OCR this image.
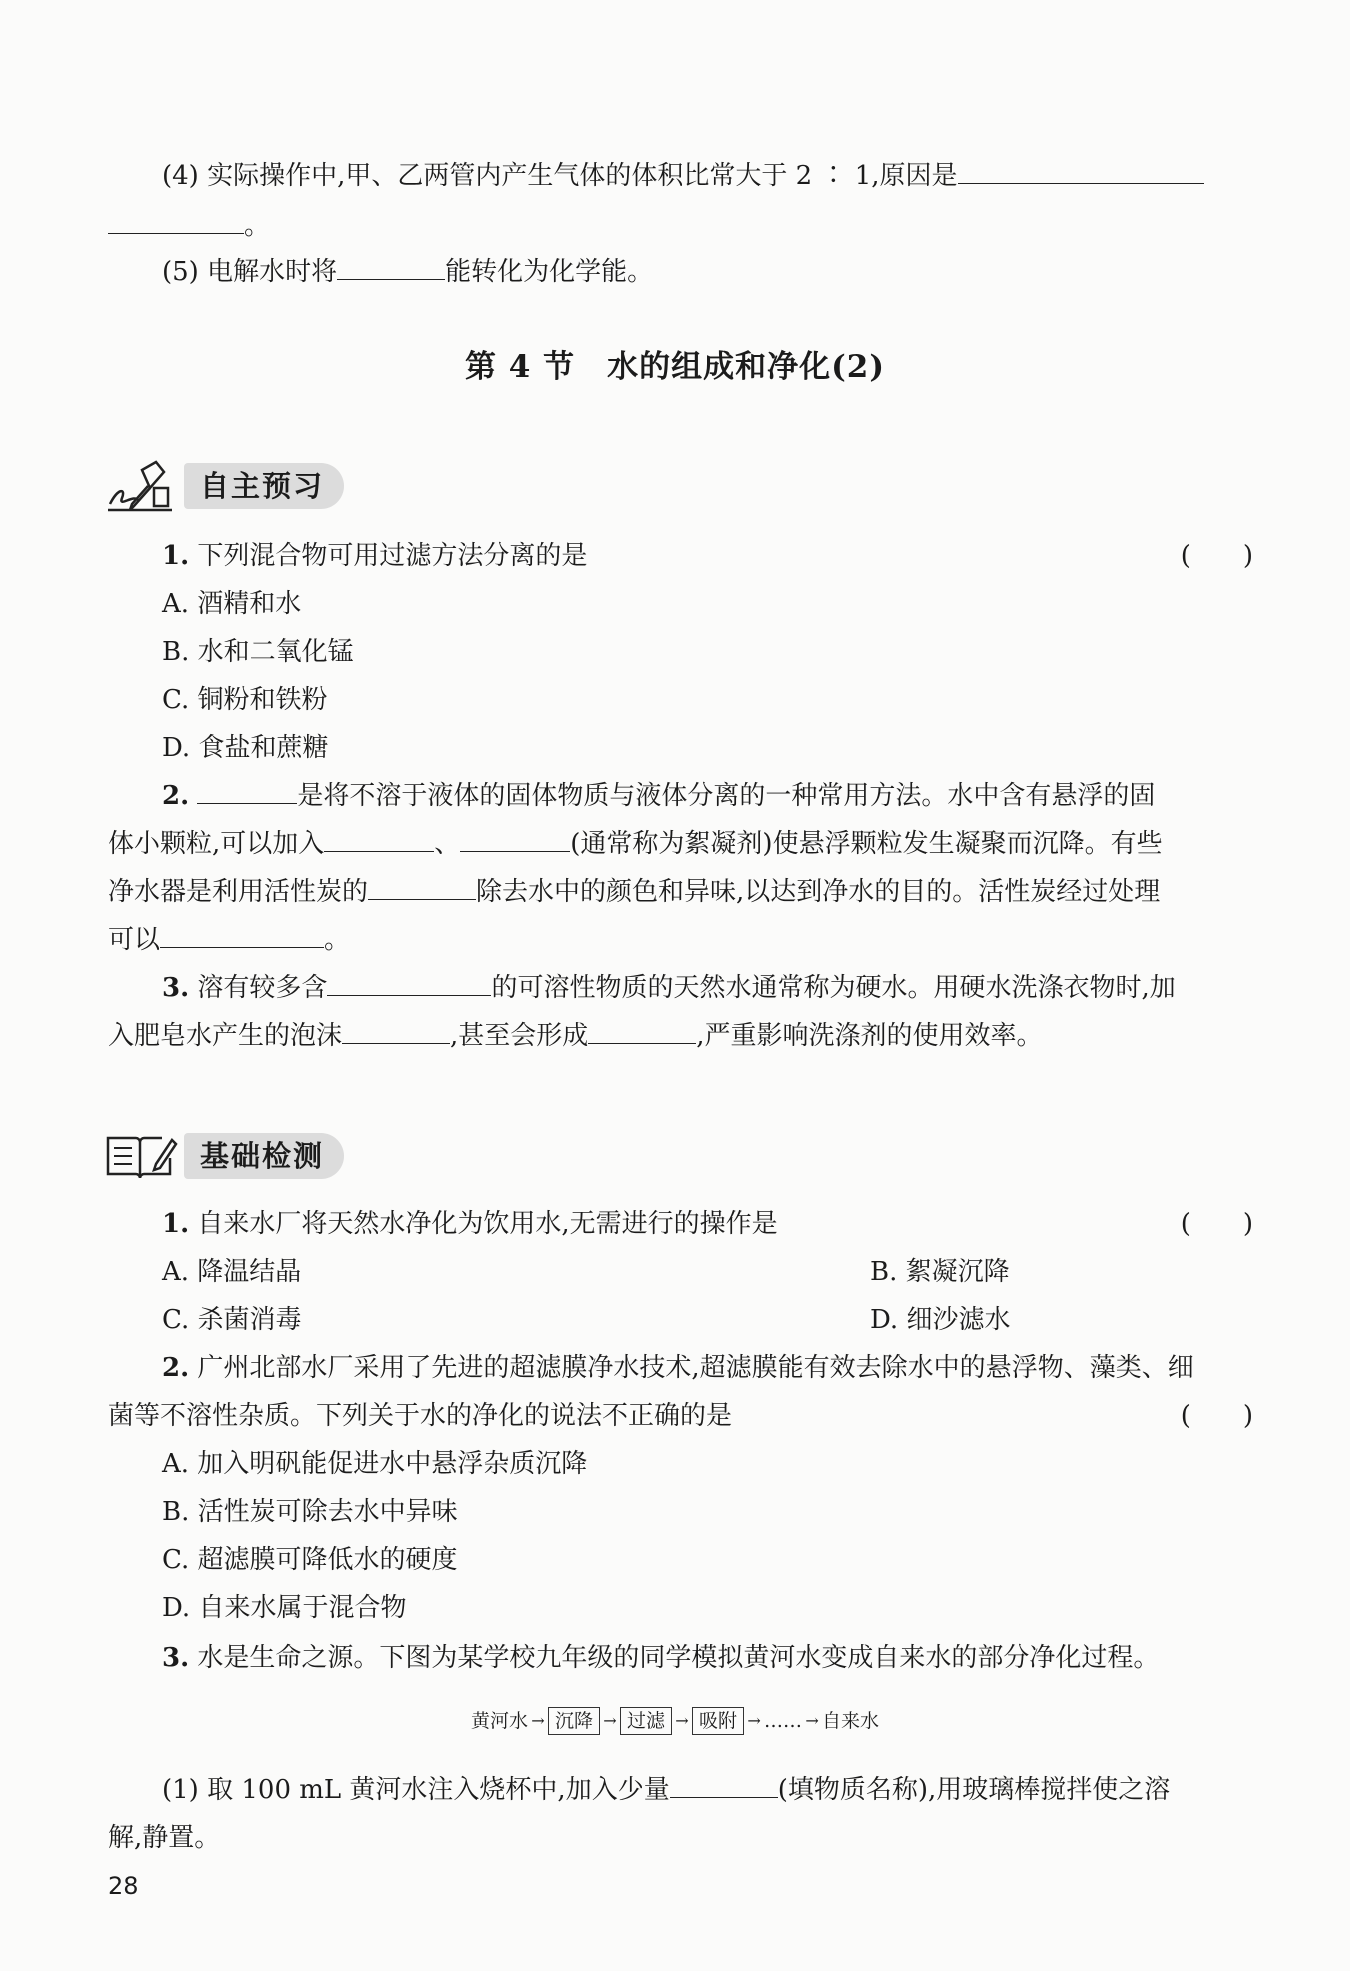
(4) 实际操作中,甲、乙两管内产生气体的体积比常大于 2 ∶ 1,原因是
。
(5) 电解水时将	能转化为化学能。
第 4 节　水的组成和净化(2)
自主预习
1. 下列混合物可用过滤方法分离的是	(　　)
A. 酒精和水
B. 水和二氧化锰
C. 铜粉和铁粉
D. 食盐和蔗糖
2.	是将不溶于液体的固体物质与液体分离的一种常用方法。水中含有悬浮的固
体小颗粒,可以加入	、	(通常称为絮凝剂)使悬浮颗粒发生凝聚而沉降。有些
净水器是利用活性炭的	除去水中的颜色和异味,以达到净水的目的。活性炭经过处理
可以	。
3. 溶有较多含	的可溶性物质的天然水通常称为硬水。用硬水洗涤衣物时,加
入肥皂水产生的泡沫	,甚至会形成	,严重影响洗涤剂的使用效率。
基础检测
1. 自来水厂将天然水净化为饮用水,无需进行的操作是	(　　)
A. 降温结晶	B. 絮凝沉降
C. 杀菌消毒	D. 细沙滤水
2. 广州北部水厂采用了先进的超滤膜净水技术,超滤膜能有效去除水中的悬浮物、藻类、细
菌等不溶性杂质。下列关于水的净化的说法不正确的是	(　　)
A. 加入明矾能促进水中悬浮杂质沉降
B. 活性炭可除去水中异味
C. 超滤膜可降低水的硬度
D. 自来水属于混合物
3. 水是生命之源。下图为某学校九年级的同学模拟黄河水变成自来水的部分净化过程。
黄河水 → 沉降 → 过滤 → 吸附 → …… → 自来水
(1) 取 100 mL 黄河水注入烧杯中,加入少量	(填物质名称),用玻璃棒搅拌使之溶
解,静置。
28
